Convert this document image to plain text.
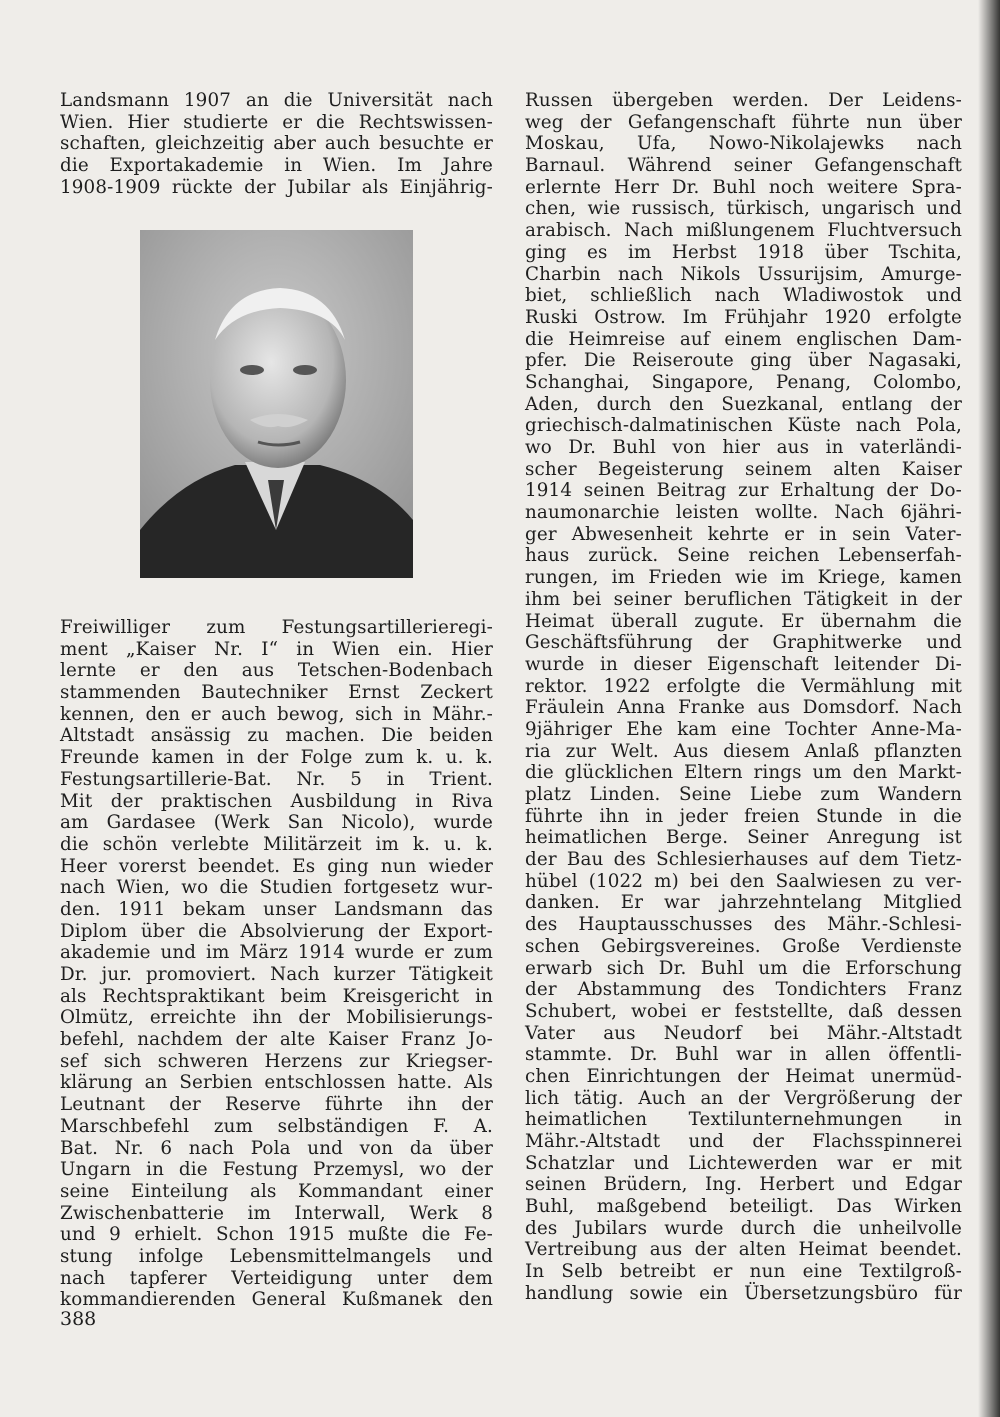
Landsmann 1907 an die Universität nach
Wien. Hier studierte er die Rechtswissen-
schaften, gleichzeitig aber auch besuchte er
die Exportakademie in Wien. Im Jahre
1908-1909 rückte der Jubilar als Einjährig-
Freiwilliger zum Festungsartillerieregi-
ment „Kaiser Nr. I“ in Wien ein. Hier
lernte er den aus Tetschen-Bodenbach
stammenden Bautechniker Ernst Zeckert
kennen, den er auch bewog, sich in Mähr.-
Altstadt ansässig zu machen. Die beiden
Freunde kamen in der Folge zum k. u. k.
Festungsartillerie-Bat. Nr. 5 in Trient.
Mit der praktischen Ausbildung in Riva
am Gardasee (Werk San Nicolo), wurde
die schön verlebte Militärzeit im k. u. k.
Heer vorerst beendet. Es ging nun wieder
nach Wien, wo die Studien fortgesetz wur-
den. 1911 bekam unser Landsmann das
Diplom über die Absolvierung der Export-
akademie und im März 1914 wurde er zum
Dr. jur. promoviert. Nach kurzer Tätigkeit
als Rechtspraktikant beim Kreisgericht in
Olmütz, erreichte ihn der Mobilisierungs-
befehl, nachdem der alte Kaiser Franz Jo-
sef sich schweren Herzens zur Kriegser-
klärung an Serbien entschlossen hatte. Als
Leutnant der Reserve führte ihn der
Marschbefehl zum selbständigen F. A.
Bat. Nr. 6 nach Pola und von da über
Ungarn in die Festung Przemysl, wo der
seine Einteilung als Kommandant einer
Zwischenbatterie im Interwall, Werk 8
und 9 erhielt. Schon 1915 mußte die Fe-
stung infolge Lebensmittelmangels und
nach tapferer Verteidigung unter dem
kommandierenden General Kußmanek den
Russen übergeben werden. Der Leidens-
weg der Gefangenschaft führte nun über
Moskau, Ufa, Nowo-Nikolajewks nach
Barnaul. Während seiner Gefangenschaft
erlernte Herr Dr. Buhl noch weitere Spra-
chen, wie russisch, türkisch, ungarisch und
arabisch. Nach mißlungenem Fluchtversuch
ging es im Herbst 1918 über Tschita,
Charbin nach Nikols Ussurijsim, Amurge-
biet, schließlich nach Wladiwostok und
Ruski Ostrow. Im Frühjahr 1920 erfolgte
die Heimreise auf einem englischen Dam-
pfer. Die Reiseroute ging über Nagasaki,
Schanghai, Singapore, Penang, Colombo,
Aden, durch den Suezkanal, entlang der
griechisch-dalmatinischen Küste nach Pola,
wo Dr. Buhl von hier aus in vaterländi-
scher Begeisterung seinem alten Kaiser
1914 seinen Beitrag zur Erhaltung der Do-
naumonarchie leisten wollte. Nach 6jähri-
ger Abwesenheit kehrte er in sein Vater-
haus zurück. Seine reichen Lebenserfah-
rungen, im Frieden wie im Kriege, kamen
ihm bei seiner beruflichen Tätigkeit in der
Heimat überall zugute. Er übernahm die
Geschäftsführung der Graphitwerke und
wurde in dieser Eigenschaft leitender Di-
rektor. 1922 erfolgte die Vermählung mit
Fräulein Anna Franke aus Domsdorf. Nach
9jähriger Ehe kam eine Tochter Anne-Ma-
ria zur Welt. Aus diesem Anlaß pflanzten
die glücklichen Eltern rings um den Markt-
platz Linden. Seine Liebe zum Wandern
führte ihn in jeder freien Stunde in die
heimatlichen Berge. Seiner Anregung ist
der Bau des Schlesierhauses auf dem Tietz-
hübel (1022 m) bei den Saalwiesen zu ver-
danken. Er war jahrzehntelang Mitglied
des Hauptausschusses des Mähr.-Schlesi-
schen Gebirgsvereines. Große Verdienste
erwarb sich Dr. Buhl um die Erforschung
der Abstammung des Tondichters Franz
Schubert, wobei er feststellte, daß dessen
Vater aus Neudorf bei Mähr.-Altstadt
stammte. Dr. Buhl war in allen öffentli-
chen Einrichtungen der Heimat unermüd-
lich tätig. Auch an der Vergrößerung der
heimatlichen Textilunternehmungen in
Mähr.-Altstadt und der Flachsspinnerei
Schatzlar und Lichtewerden war er mit
seinen Brüdern, Ing. Herbert und Edgar
Buhl, maßgebend beteiligt. Das Wirken
des Jubilars wurde durch die unheilvolle
Vertreibung aus der alten Heimat beendet.
In Selb betreibt er nun eine Textilgroß-
handlung sowie ein Übersetzungsbüro für
388
